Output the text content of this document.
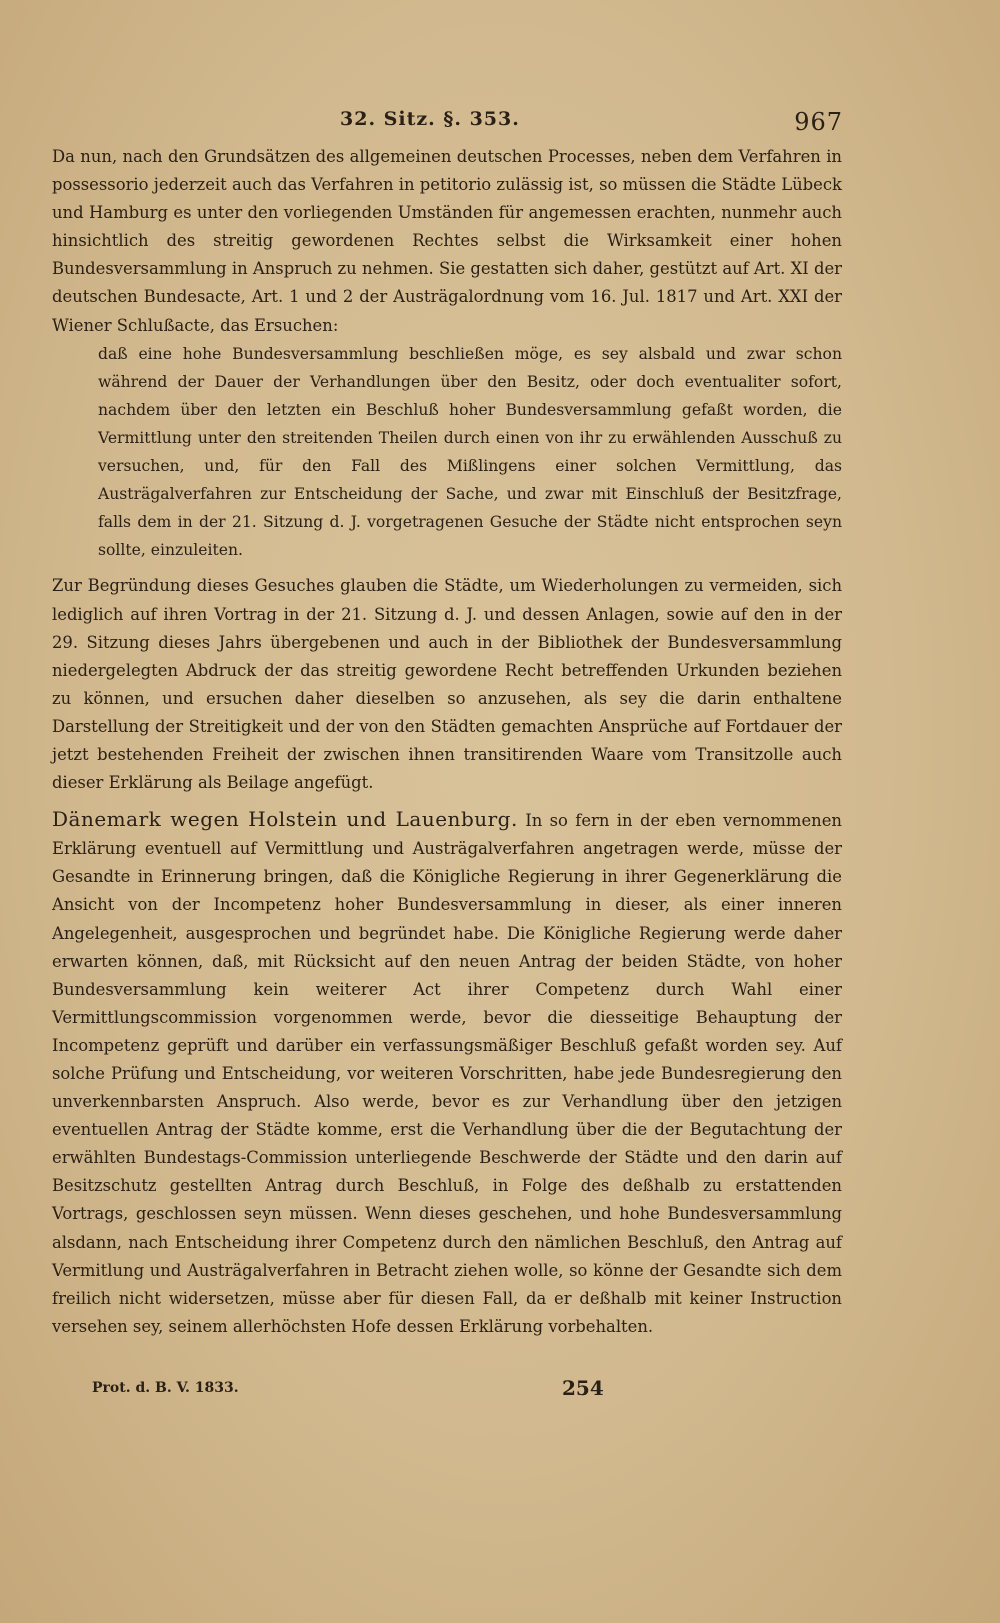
32. Sitz. §. 353.	967

Da nun, nach den Grundsätzen des allgemeinen deutschen Processes, neben dem Verfahren in possessorio jederzeit auch das Verfahren in petitorio zulässig ist, so müssen die Städte Lübeck und Hamburg es unter den vorliegenden Umständen für angemessen erachten, nunmehr auch hinsichtlich des streitig gewordenen Rechtes selbst die Wirksamkeit einer hohen Bundesversammlung in Anspruch zu nehmen. Sie gestatten sich daher, gestützt auf Art. XI der deutschen Bundesacte, Art. 1 und 2 der Austrägalordnung vom 16. Jul. 1817 und Art. XXI der Wiener Schlußacte, das Ersuchen:

daß eine hohe Bundesversammlung beschließen möge, es sey alsbald und zwar schon während der Dauer der Verhandlungen über den Besitz, oder doch eventualiter sofort, nachdem über den letzten ein Beschluß hoher Bundesversammlung gefaßt worden, die Vermittlung unter den streitenden Theilen durch einen von ihr zu erwählenden Ausschuß zu versuchen, und, für den Fall des Mißlingens einer solchen Vermittlung, das Austrägalverfahren zur Entscheidung der Sache, und zwar mit Einschluß der Besitzfrage, falls dem in der 21. Sitzung d. J. vorgetragenen Gesuche der Städte nicht entsprochen seyn sollte, einzuleiten.

Zur Begründung dieses Gesuches glauben die Städte, um Wiederholungen zu vermeiden, sich lediglich auf ihren Vortrag in der 21. Sitzung d. J. und dessen Anlagen, sowie auf den in der 29. Sitzung dieses Jahrs übergebenen und auch in der Bibliothek der Bundesversammlung niedergelegten Abdruck der das streitig gewordene Recht betreffenden Urkunden beziehen zu können, und ersuchen daher dieselben so anzusehen, als sey die darin enthaltene Darstellung der Streitigkeit und der von den Städten gemachten Ansprüche auf Fortdauer der jetzt bestehenden Freiheit der zwischen ihnen transitirenden Waare vom Transitzolle auch dieser Erklärung als Beilage angefügt.

Dänemark wegen Holstein und Lauenburg. In so fern in der eben vernommenen Erklärung eventuell auf Vermittlung und Austrägalverfahren angetragen werde, müsse der Gesandte in Erinnerung bringen, daß die Königliche Regierung in ihrer Gegenerklärung die Ansicht von der Incompetenz hoher Bundesversammlung in dieser, als einer inneren Angelegenheit, ausgesprochen und begründet habe. Die Königliche Regierung werde daher erwarten können, daß, mit Rücksicht auf den neuen Antrag der beiden Städte, von hoher Bundesversammlung kein weiterer Act ihrer Competenz durch Wahl einer Vermittlungscommission vorgenommen werde, bevor die diesseitige Behauptung der Incompetenz geprüft und darüber ein verfassungsmäßiger Beschluß gefaßt worden sey. Auf solche Prüfung und Entscheidung, vor weiteren Vorschritten, habe jede Bundesregierung den unverkennbarsten Anspruch. Also werde, bevor es zur Verhandlung über den jetzigen eventuellen Antrag der Städte komme, erst die Verhandlung über die der Begutachtung der erwählten Bundestags-Commission unterliegende Beschwerde der Städte und den darin auf Besitzschutz gestellten Antrag durch Beschluß, in Folge des deßhalb zu erstattenden Vortrags, geschlossen seyn müssen. Wenn dieses geschehen, und hohe Bundesversammlung alsdann, nach Entscheidung ihrer Competenz durch den nämlichen Beschluß, den Antrag auf Vermitlung und Austrägalverfahren in Betracht ziehen wolle, so könne der Gesandte sich dem freilich nicht widersetzen, müsse aber für diesen Fall, da er deßhalb mit keiner Instruction versehen sey, seinem allerhöchsten Hofe dessen Erklärung vorbehalten.

Prot. d. B. V. 1833.	254
